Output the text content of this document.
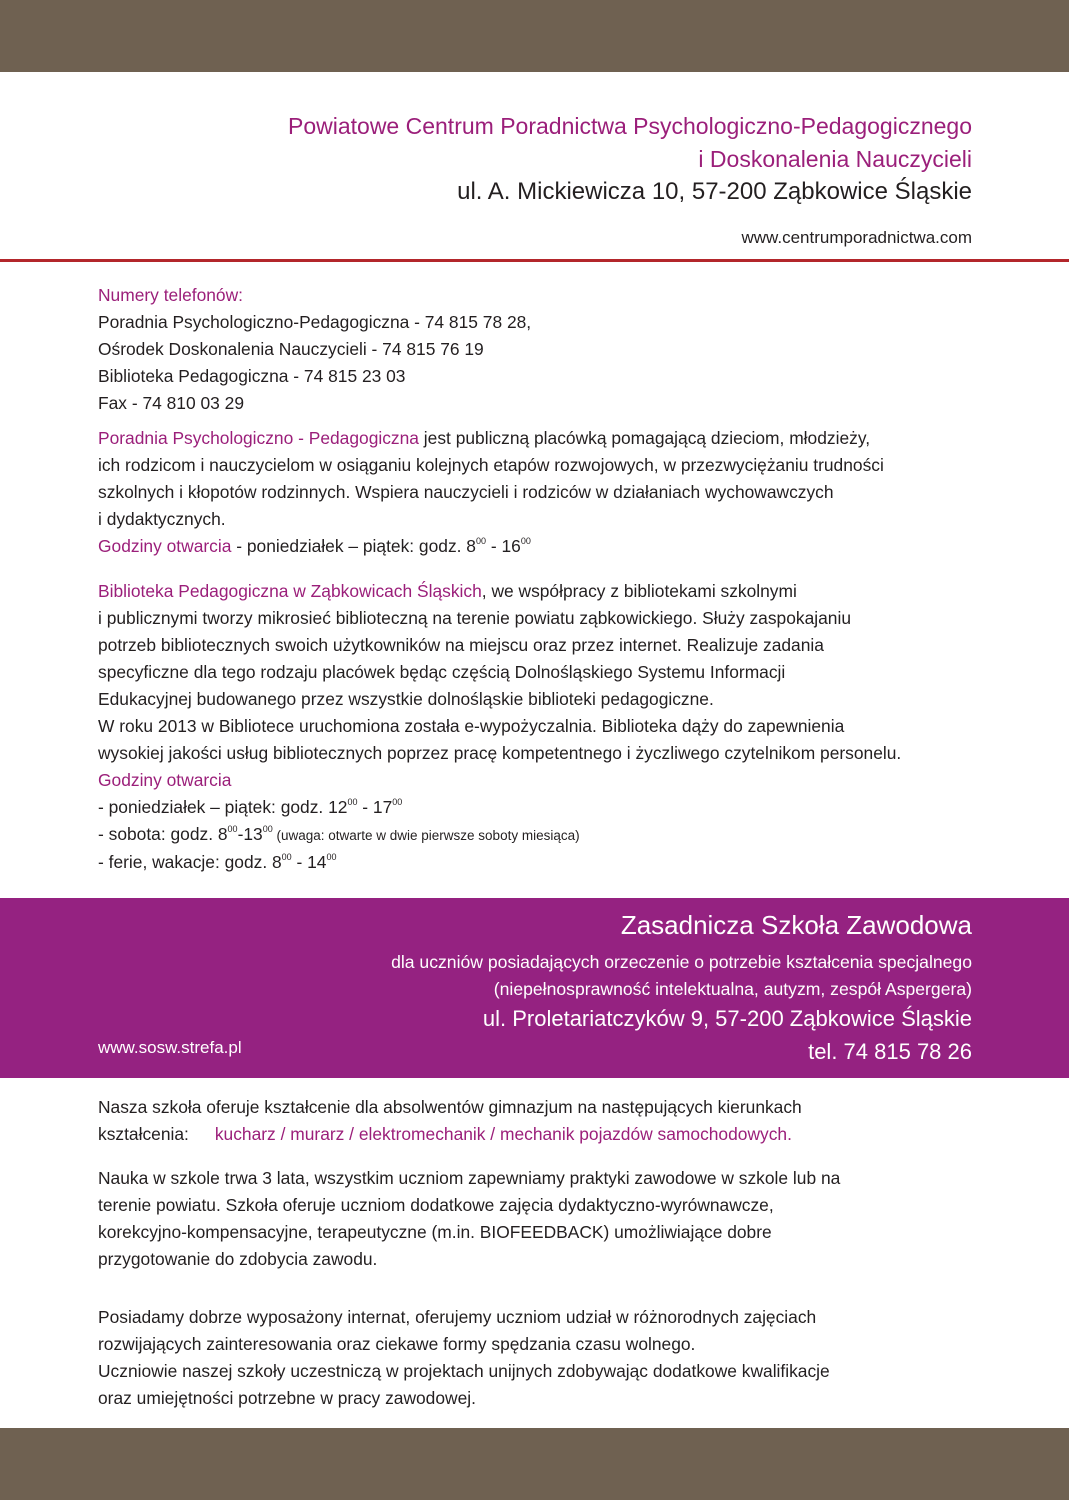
Powiatowe Centrum Poradnictwa Psychologiczno-Pedagogicznego
i Doskonalenia Nauczycieli
ul. A. Mickiewicza 10, 57-200 Ząbkowice Śląskie
www.centrumporadnictwa.com
Numery telefonów:
Poradnia Psychologiczno-Pedagogiczna - 74 815 78 28,
Ośrodek Doskonalenia Nauczycieli - 74 815 76 19
Biblioteka Pedagogiczna - 74 815 23 03
Fax - 74 810 03 29
Poradnia Psychologiczno - Pedagogiczna jest publiczną placówką pomagającą dzieciom, młodzieży,
ich rodzicom i nauczycielom w osiąganiu kolejnych etapów rozwojowych, w przezwyciężaniu trudności
szkolnych i kłopotów rodzinnych. Wspiera nauczycieli i rodziców w działaniach wychowawczych
i dydaktycznych.
Godziny otwarcia - poniedziałek – piątek: godz. $8^{00} - 16^{00}$
Biblioteka Pedagogiczna w Ząbkowicach Śląskich, we współpracy z bibliotekami szkolnymi
i publicznymi tworzy mikrosieć biblioteczną na terenie powiatu ząbkowickiego. Służy zaspokajaniu
potrzeb bibliotecznych swoich użytkowników na miejscu oraz przez internet. Realizuje zadania
specyficzne dla tego rodzaju placówek będąc częścią Dolnośląskiego Systemu Informacji
Edukacyjnej budowanego przez wszystkie dolnośląskie biblioteki pedagogiczne.
W roku 2013 w Bibliotece uruchomiona została e-wypożyczalnia. Biblioteka dąży do zapewnienia
wysokiej jakości usług bibliotecznych poprzez pracę kompetentnego i życzliwego czytelnikom personelu.
Godziny otwarcia
- poniedziałek – piątek: godz. $12^{00} - 17^{00}$
- sobota: godz. $8^{00}-13^{00}$ (uwaga: otwarte w dwie pierwsze soboty miesiąca)
- ferie, wakacje: godz. $8^{00} - 14^{00}$
Zasadnicza Szkoła Zawodowa
dla uczniów posiadających orzeczenie o potrzebie kształcenia specjalnego
(niepełnosprawność intelektualna, autyzm, zespół Aspergera)
ul. Proletariatczyków 9, 57-200 Ząbkowice Śląskie
tel. 74 815 78 26
www.sosw.strefa.pl
Nasza szkoła oferuje kształcenie dla absolwentów gimnazjum na następujących kierunkach
kształcenia: kucharz / murarz / elektromechanik / mechanik pojazdów samochodowych.
Nauka w szkole trwa 3 lata, wszystkim uczniom zapewniamy praktyki zawodowe w szkole lub na
terenie powiatu. Szkoła oferuje uczniom dodatkowe zajęcia dydaktyczno-wyrównawcze,
korekcyjno-kompensacyjne, terapeutyczne (m.in. BIOFEEDBACK) umożliwiające dobre
przygotowanie do zdobycia zawodu.
Posiadamy dobrze wyposażony internat, oferujemy uczniom udział w różnorodnych zajęciach
rozwijających zainteresowania oraz ciekawe formy spędzania czasu wolnego.
Uczniowie naszej szkoły uczestniczą w projektach unijnych zdobywając dodatkowe kwalifikacje
oraz umiejętności potrzebne w pracy zawodowej.
